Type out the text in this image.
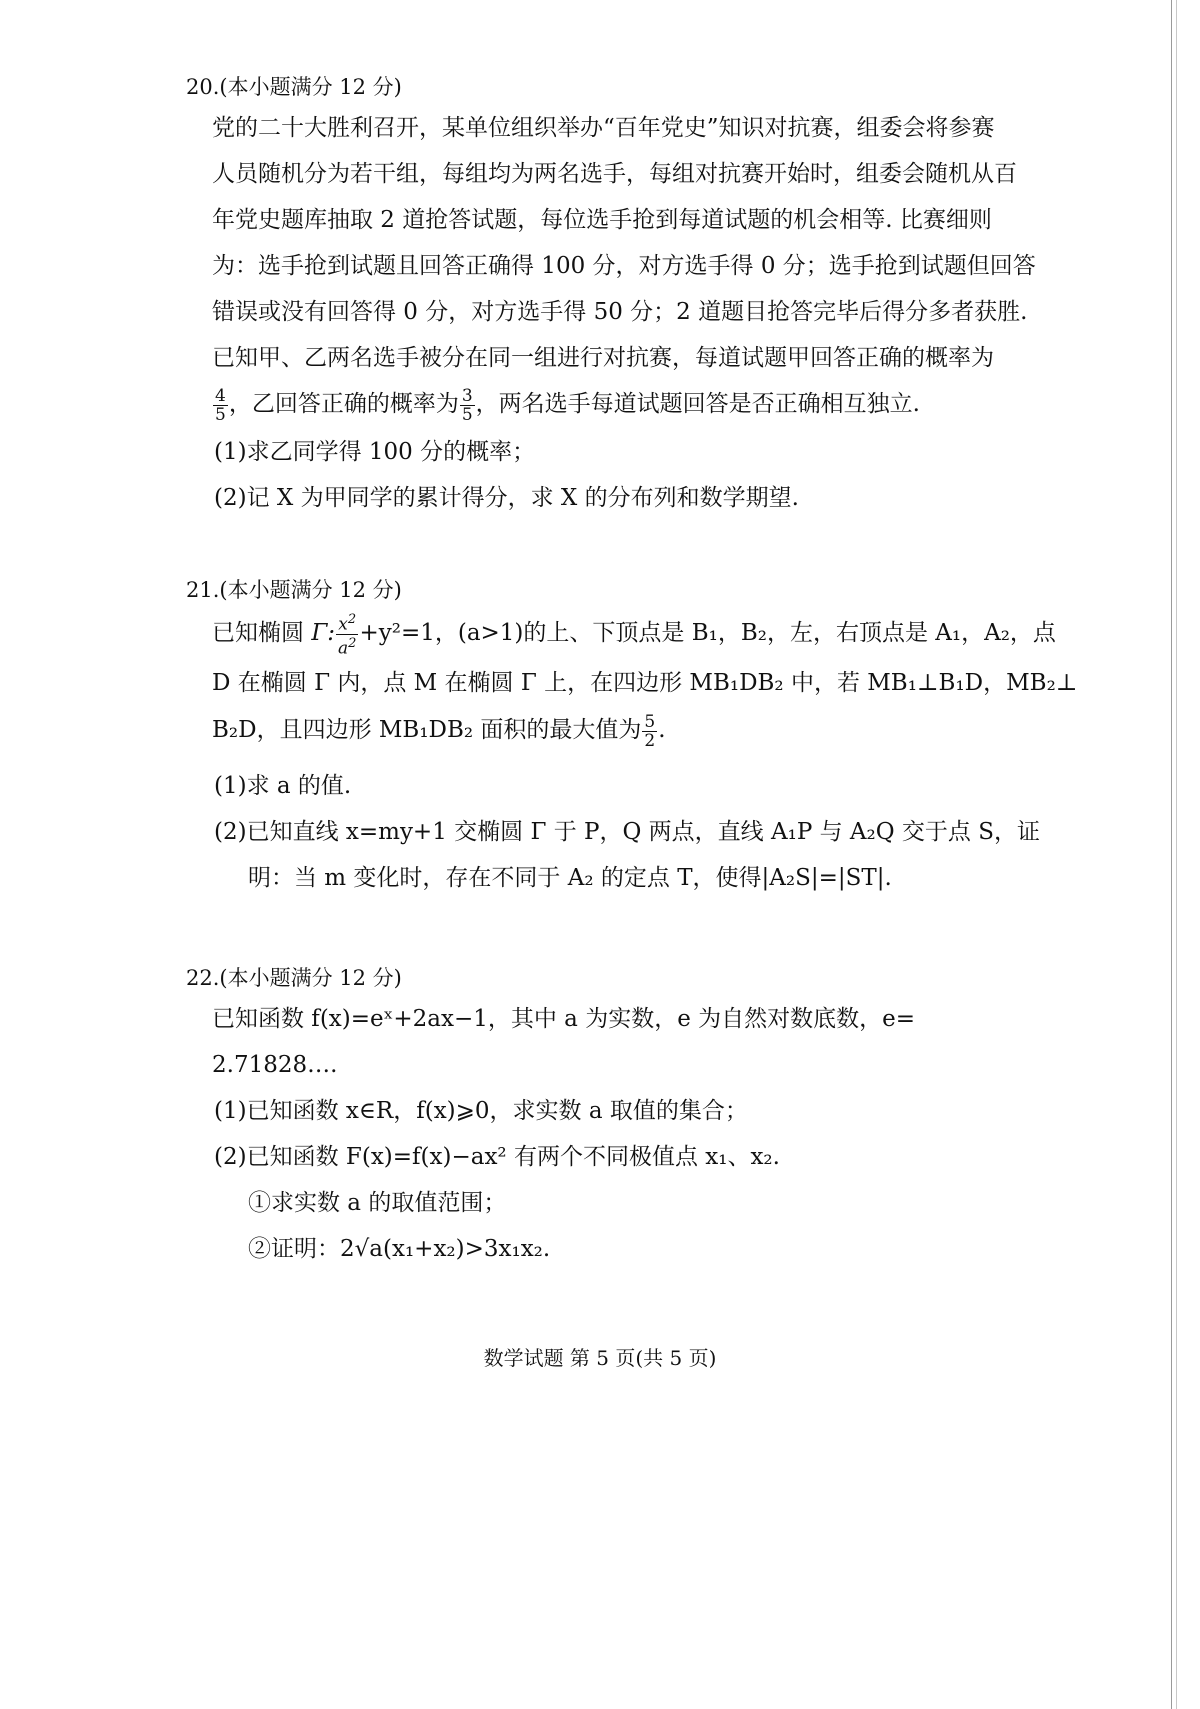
20.(本小题满分 12 分)
党的二十大胜利召开，某单位组织举办“百年党史”知识对抗赛，组委会将参赛
人员随机分为若干组，每组均为两名选手，每组对抗赛开始时，组委会随机从百
年党史题库抽取 2 道抢答试题，每位选手抢到每道试题的机会相等. 比赛细则
为：选手抢到试题且回答正确得 100 分，对方选手得 0 分；选手抢到试题但回答
错误或没有回答得 0 分，对方选手得 50 分；2 道题目抢答完毕后得分多者获胜.
已知甲、乙两名选手被分在同一组进行对抗赛，每道试题甲回答正确的概率为
$\frac{4}{5}$ ，乙回答正确的概率为 $\frac{3}{5}$ ，两名选手每道试题回答是否正确相互独立.
(1)求乙同学得 100 分的概率；
(2)记 X 为甲同学的累计得分，求 X 的分布列和数学期望.
21.(本小题满分 12 分)
已知椭圆 Γ: $\frac{x^2}{a^2} +y^2=1$，(a>1)的上、下顶点是 B₁，B₂，左，右顶点是 A₁，A₂，点
D 在椭圆 Γ 内，点 M 在椭圆 Γ 上，在四边形 MB₁DB₂ 中，若 MB₁⊥B₁D，MB₂⊥
B₂D，且四边形 MB₁DB₂ 面积的最大值为 $\frac{5}{2}$ .
(1)求 a 的值.
(2)已知直线 x=my+1 交椭圆 Γ 于 P，Q 两点，直线 A₁P 与 A₂Q 交于点 S，证
明：当 m 变化时，存在不同于 A₂ 的定点 T，使得|A₂S|=|ST|.
22.(本小题满分 12 分)
已知函数 f(x)=eˣ+2ax−1，其中 a 为实数，e 为自然对数底数，e=
2.71828….
(1)已知函数 x∈R，f(x)⩾0，求实数 a 取值的集合；
(2)已知函数 F(x)=f(x)−ax² 有两个不同极值点 x₁、x₂.
①求实数 a 的取值范围；
②证明：2√a(x₁+x₂)>3x₁x₂.
数学试题 第 5 页(共 5 页)
